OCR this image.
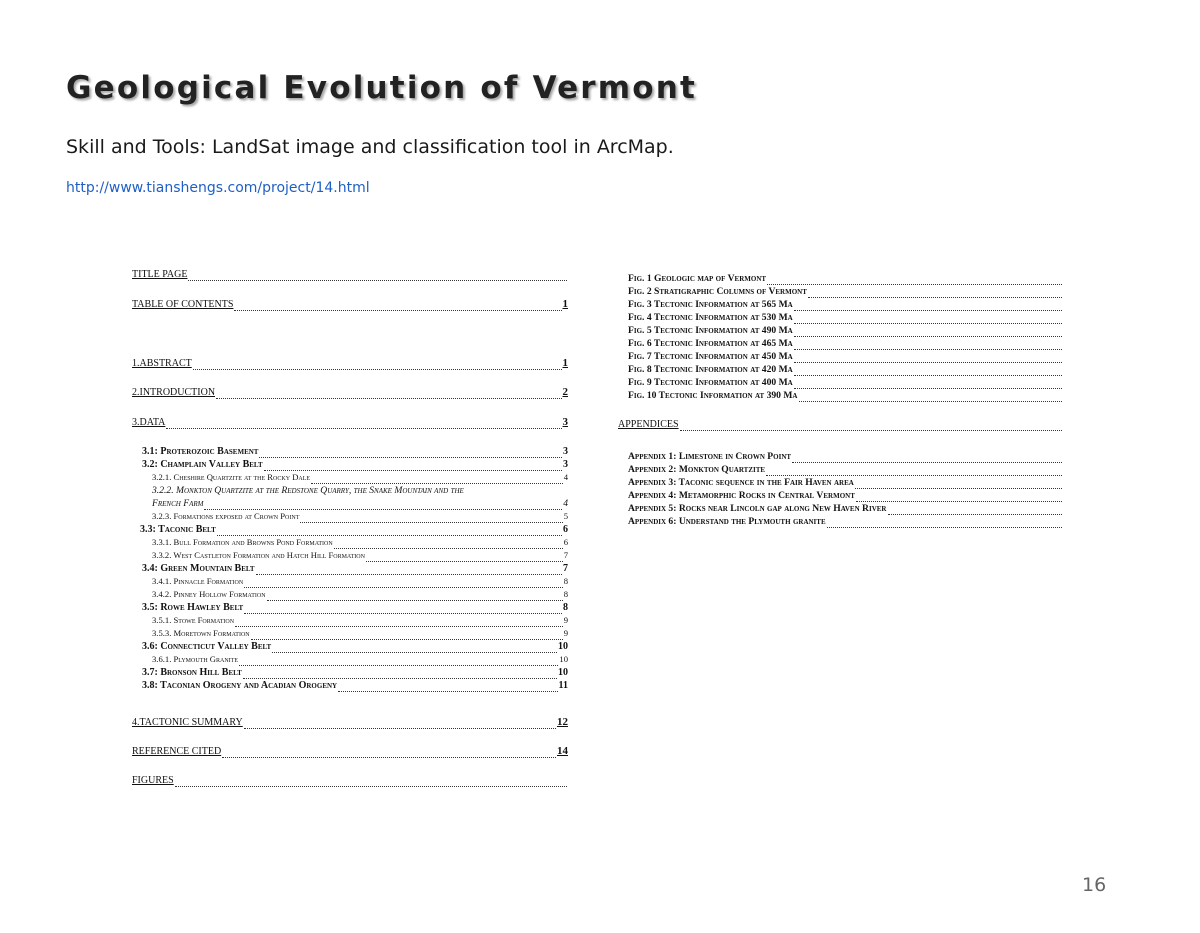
Geological Evolution of Vermont
Skill and Tools: LandSat image and classification tool in ArcMap.
http://www.tianshengs.com/project/14.html
TITLE PAGE
TABLE OF CONTENTS	1
1.ABSTRACT	1
2.INTRODUCTION	2
3.DATA	3
3.1: Proterozoic Basement	3
3.2: Champlain Valley Belt	3
3.2.1. Cheshire Quartzite at the Rocky Dale	4
3.2.2. Monkton Quartzite at the Redstone Quarry, the Snake Mountain and the
French Farm	4
3.2.3. Formations exposed at Crown Point	5
3.3: Taconic Belt	6
3.3.1. Bull Formation and Browns Pond Formation	6
3.3.2. West Castleton Formation and Hatch Hill Formation	7
3.4: Green Mountain Belt	7
3.4.1. Pinnacle Formation	8
3.4.2. Pinney Hollow Formation	8
3.5: Rowe Hawley Belt	8
3.5.1. Stowe Formation	9
3.5.3. Moretown Formation	9
3.6: Connecticut Valley Belt	10
3.6.1. Plymouth Granite	10
3.7: Bronson Hill Belt	10
3.8: Taconian Orogeny and Acadian Orogeny	11
4.TACTONIC SUMMARY	12
REFERENCE CITED	14
FIGURES
Fig. 1 Geologic map of Vermont
Fig. 2 Stratigraphic Columns of Vermont
Fig. 3 Tectonic Information at 565 Ma
Fig. 4 Tectonic Information at 530 Ma
Fig. 5 Tectonic Information at 490 Ma
Fig. 6 Tectonic Information at 465 Ma
Fig. 7 Tectonic Information at 450 Ma
Fig. 8 Tectonic Information at 420 Ma
Fig. 9 Tectonic Information at 400 Ma
Fig. 10 Tectonic Information at 390 Ma
APPENDICES
Appendix 1: Limestone in Crown Point
Appendix 2: Monkton Quartzite
Appendix 3: Taconic sequence in the Fair Haven area
Appendix 4: Metamorphic Rocks in Central Vermont
Appendix 5: Rocks near Lincoln gap along New Haven River
Appendix 6: Understand the Plymouth granite
16
